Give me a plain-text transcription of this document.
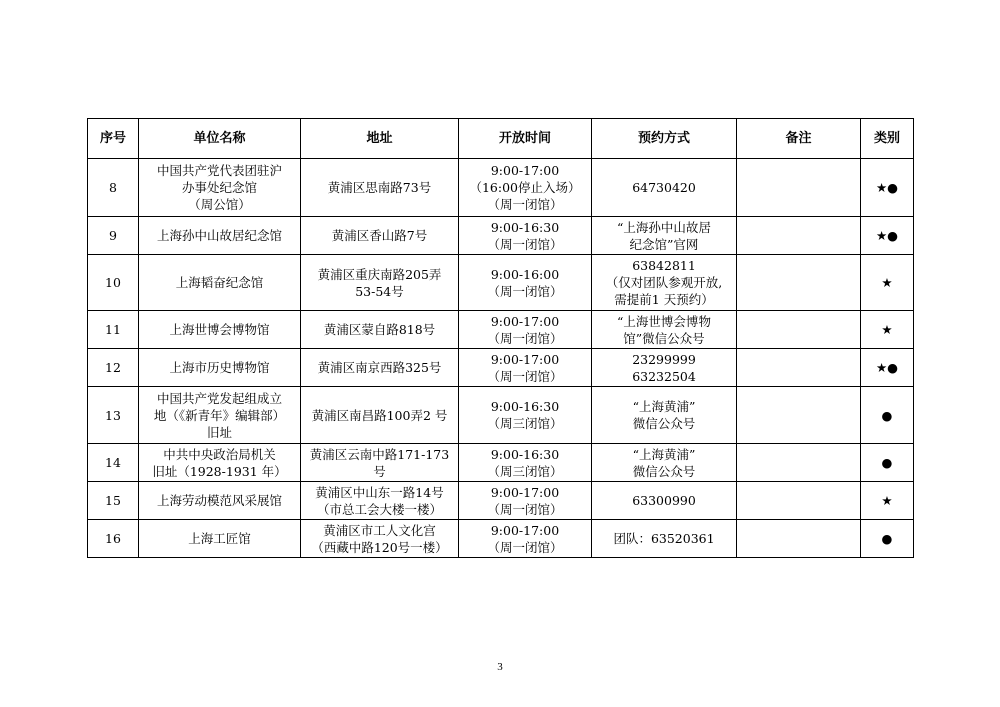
序号	单位名称	地址	开放时间	预约方式	备注	类别
8	中国共产党代表团驻沪
办事处纪念馆
（周公馆）	黄浦区思南路73号	9:00-17:00
（16:00停止入场）
（周一闭馆）	64730420		★●
9	上海孙中山故居纪念馆	黄浦区香山路7号	9:00-16:30
（周一闭馆）	“上海孙中山故居
纪念馆”官网		★●
10	上海韬奋纪念馆	黄浦区重庆南路205弄
53-54号	9:00-16:00
（周一闭馆）	63842811
（仅对团队参观开放,
需提前1 天预约）		★
11	上海世博会博物馆	黄浦区蒙自路818号	9:00-17:00
（周一闭馆）	“上海世博会博物
馆”微信公众号		★
12	上海市历史博物馆	黄浦区南京西路325号	9:00-17:00
（周一闭馆）	23299999
63232504		★●
13	中国共产党发起组成立
地（《新青年》编辑部）
旧址	黄浦区南昌路100弄2 号	9:00-16:30
（周三闭馆）	“上海黄浦”
微信公众号		●
14	中共中央政治局机关
旧址（1928-1931 年）	黄浦区云南中路171-173
号	9:00-16:30
（周三闭馆）	“上海黄浦”
微信公众号		●
15	上海劳动模范风采展馆	黄浦区中山东一路14号
（市总工会大楼一楼）	9:00-17:00
（周一闭馆）	63300990		★
16	上海工匠馆	黄浦区市工人文化宫
（西藏中路120号一楼）	9:00-17:00
（周一闭馆）	团队：63520361		●
3
